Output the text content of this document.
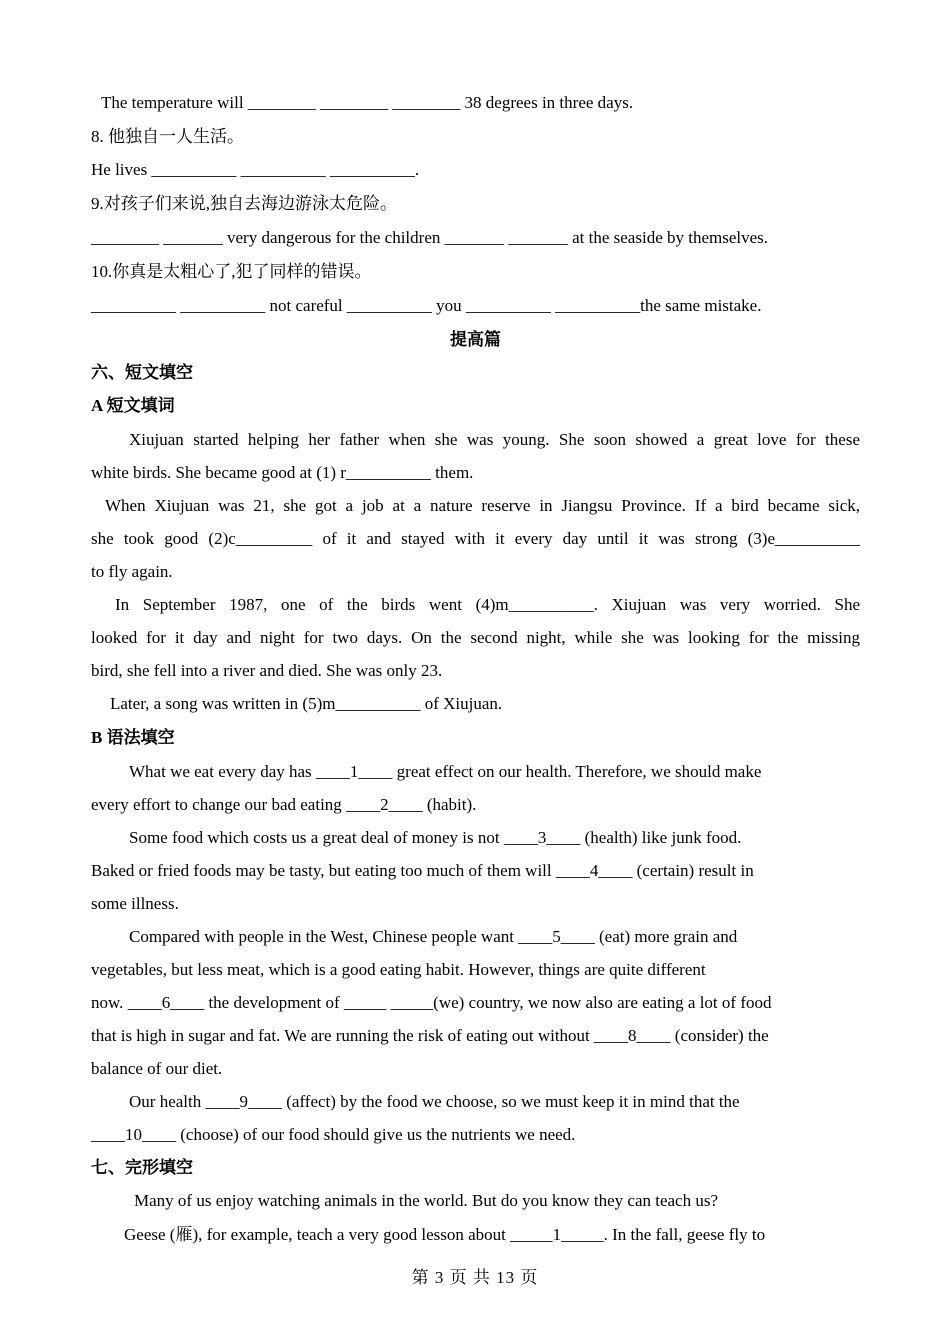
The temperature will ________ ________ ________ 38 degrees in three days.
8. 他独自一人生活。
He lives __________ __________ __________.
9.对孩子们来说,独自去海边游泳太危险。
________ _______ very dangerous for the children _______ _______ at the seaside by themselves.
10.你真是太粗心了,犯了同样的错误。
__________ __________ not careful __________ you __________ __________the same mistake.
提高篇
六、短文填空
A 短文填词
Xiujuan started helping her father when she was young. She soon showed a great love for these
white birds. She became good at (1) r__________ them.
When Xiujuan was 21, she got a job at a nature reserve in Jiangsu Province. If a bird became sick,
she took good (2)c_________ of it and stayed with it every day until it was strong (3)e__________
to fly again.
In September 1987, one of the birds went (4)m__________. Xiujuan was very worried. She
looked for it day and night for two days. On the second night, while she was looking for the missing
bird, she fell into a river and died. She was only 23.
Later, a song was written in (5)m__________ of Xiujuan.
B 语法填空
What we eat every day has ____1____ great effect on our health. Therefore, we should make
every effort to change our bad eating ____2____ (habit).
Some food which costs us a great deal of money is not ____3____ (health) like junk food.
Baked or fried foods may be tasty, but eating too much of them will ____4____ (certain) result in
some illness.
Compared with people in the West, Chinese people want ____5____ (eat) more grain and
vegetables, but less meat, which is a good eating habit. However, things are quite different
now. ____6____ the development of _____ _____(we) country, we now also are eating a lot of food
that is high in sugar and fat. We are running the risk of eating out without ____8____ (consider) the
balance of our diet.
Our health ____9____ (affect) by the food we choose, so we must keep it in mind that the
____10____ (choose) of our food should give us the nutrients we need.
七、完形填空
Many of us enjoy watching animals in the world. But do you know they can teach us?
Geese (雁), for example, teach a very good lesson about _____1_____. In the fall, geese fly to
第 3 页 共 13 页
